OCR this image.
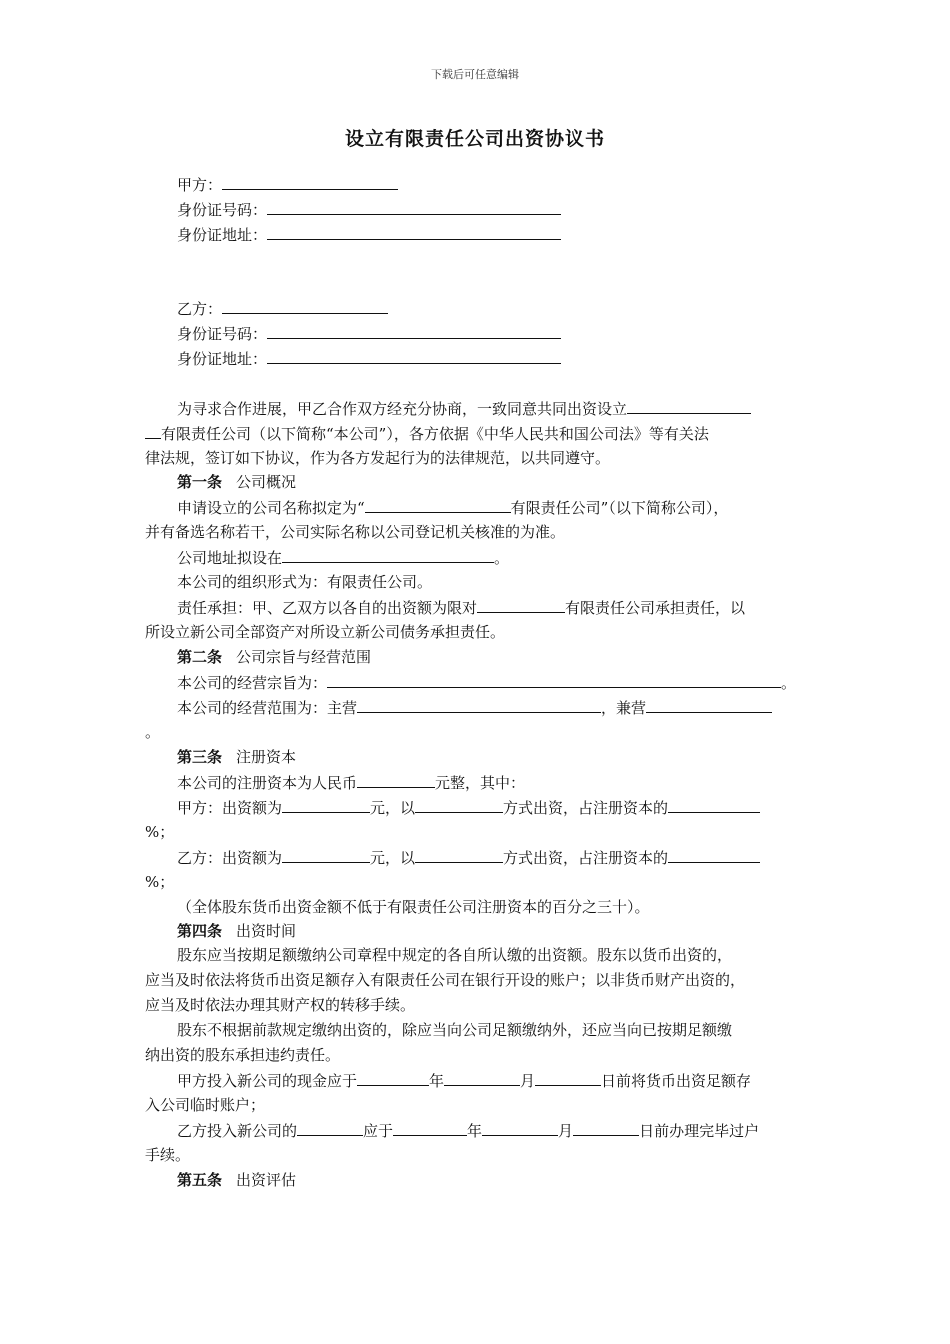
下载后可任意编辑
设立有限责任公司出资协议书
甲方：
身份证号码：
身份证地址：
乙方：
身份证号码：
身份证地址：
为寻求合作进展，甲乙合作双方经充分协商，一致同意共同出资设立
有限责任公司（以下简称“本公司”），各方依据《中华人民共和国公司法》等有关法
律法规，签订如下协议，作为各方发起行为的法律规范，以共同遵守。
第一条 公司概况
申请设立的公司名称拟定为“	有限责任公司”（以下简称公司），
并有备选名称若干，公司实际名称以公司登记机关核准的为准。
公司地址拟设在	。
本公司的组织形式为：有限责任公司。
责任承担：甲、乙双方以各自的出资额为限对	有限责任公司承担责任，以
所设立新公司全部资产对所设立新公司债务承担责任。
第二条 公司宗旨与经营范围
本公司的经营宗旨为：	。
本公司的经营范围为：主营	，兼营
。
第三条 注册资本
本公司的注册资本为人民币	元整，其中：
甲方：出资额为	元，以	方式出资，占注册资本的
%；
乙方：出资额为	元，以	方式出资，占注册资本的
%；
（全体股东货币出资金额不低于有限责任公司注册资本的百分之三十）。
第四条 出资时间
股东应当按期足额缴纳公司章程中规定的各自所认缴的出资额。股东以货币出资的，
应当及时依法将货币出资足额存入有限责任公司在银行开设的账户；以非货币财产出资的，
应当及时依法办理其财产权的转移手续。
股东不根据前款规定缴纳出资的，除应当向公司足额缴纳外，还应当向已按期足额缴
纳出资的股东承担违约责任。
甲方投入新公司的现金应于	年	月	日前将货币出资足额存
入公司临时账户；
乙方投入新公司的	应于	年	月	日前办理完毕过户
手续。
第五条 出资评估
